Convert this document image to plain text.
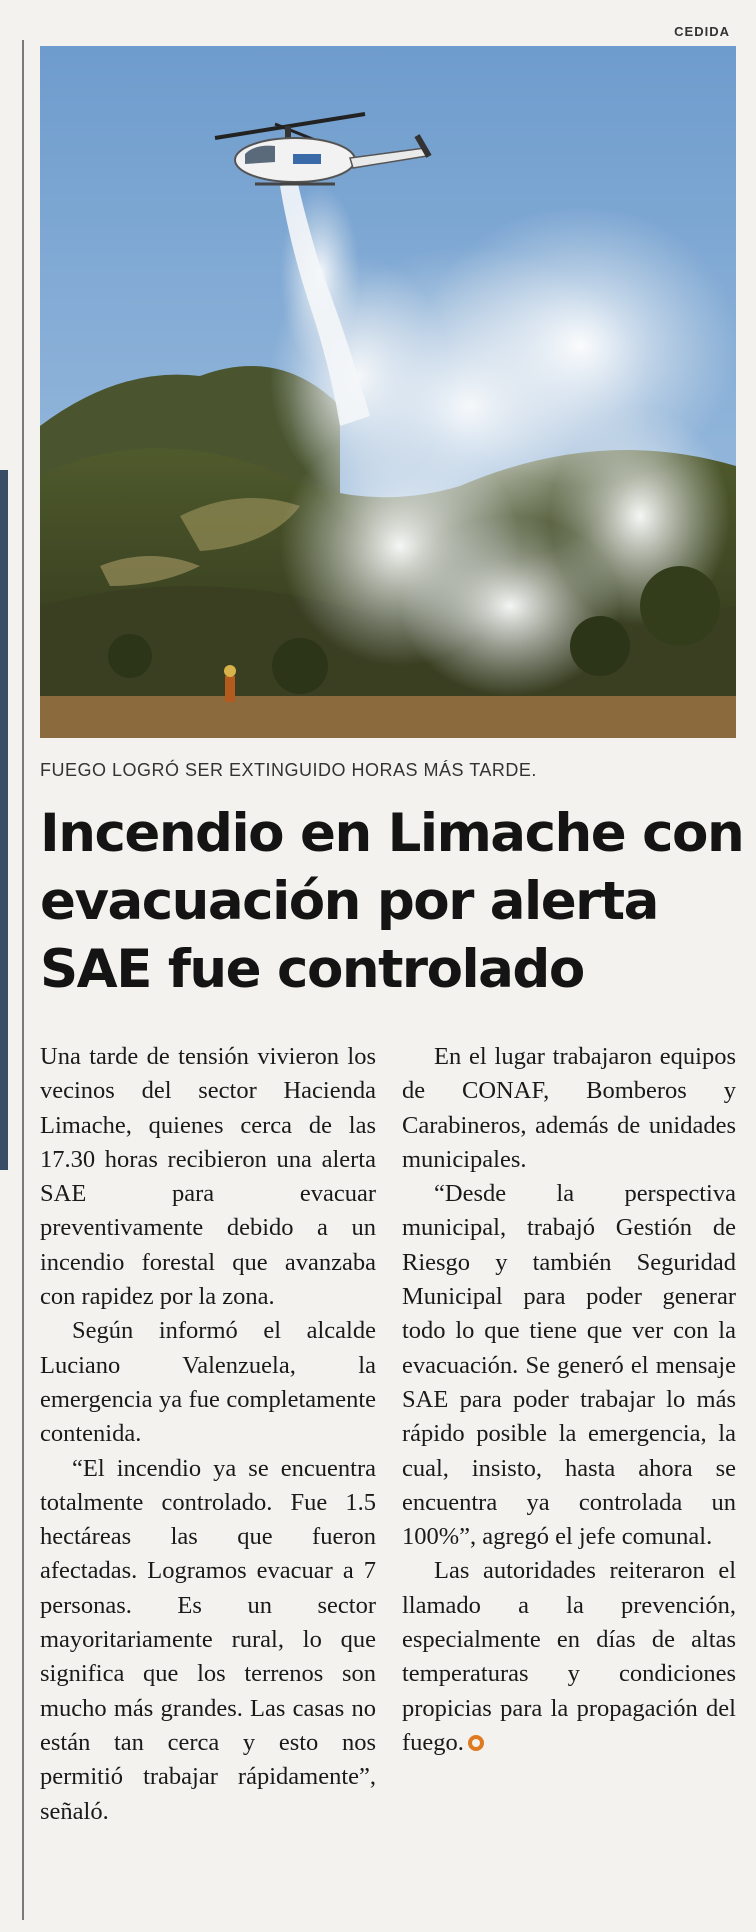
CEDIDA
FUEGO LOGRÓ SER EXTINGUIDO HORAS MÁS TARDE.
Incendio en Limache con
evacuación por alerta
SAE fue controlado

Una tarde de tensión vivieron los vecinos del sector Hacienda Limache, quienes cerca de las 17.30 horas recibieron una alerta SAE para evacuar preventivamente debido a un incendio forestal que avanzaba con rapidez por la zona.

Según informó el alcalde Luciano Valenzuela, la emergencia ya fue completamente contenida.

“El incendio ya se encuentra totalmente controlado. Fue 1.5 hectáreas las que fueron afectadas. Logramos evacuar a 7 personas. Es un sector mayoritariamente rural, lo que significa que los terrenos son mucho más grandes. Las casas no están tan cerca y esto nos permitió trabajar rápidamente”, señaló.

En el lugar trabajaron equipos de CONAF, Bomberos y Carabineros, además de unidades municipales.

“Desde la perspectiva municipal, trabajó Gestión de Riesgo y también Seguridad Municipal para poder generar todo lo que tiene que ver con la evacuación. Se generó el mensaje SAE para poder trabajar lo más rápido posible la emergencia, la cual, insisto, hasta ahora se encuentra ya controlada un 100%”, agregó el jefe comunal.

Las autoridades reiteraron el llamado a la prevención, especialmente en días de altas temperaturas y condiciones propicias para la propagación del fuego.
